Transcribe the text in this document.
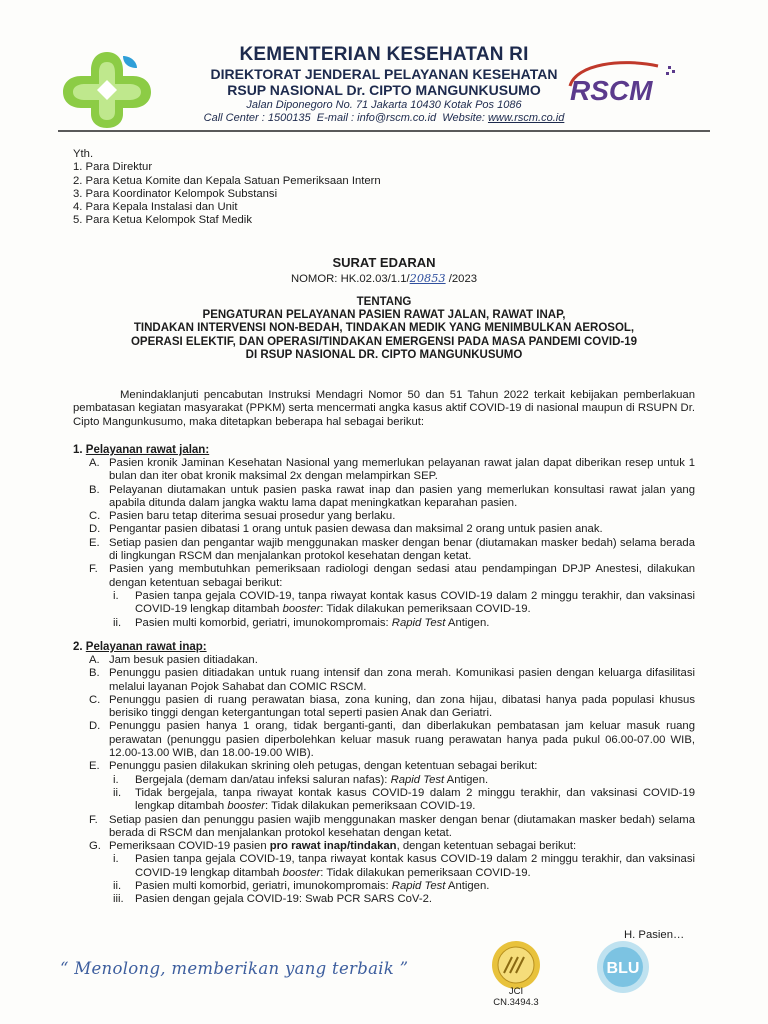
KEMENTERIAN KESEHATAN RI
DIREKTORAT JENDERAL PELAYANAN KESEHATAN
RSUP NASIONAL Dr. CIPTO MANGUNKUSUMO
Jalan Diponegoro No. 71 Jakarta 10430 Kotak Pos 1086
Call Center : 1500135 E-mail : info@rscm.co.id Website: www.rscm.co.id
RSCM
Yth.
1. Para Direktur
2. Para Ketua Komite dan Kepala Satuan Pemeriksaan Intern
3. Para Koordinator Kelompok Substansi
4. Para Kepala Instalasi dan Unit
5. Para Ketua Kelompok Staf Medik
SURAT EDARAN
NOMOR: HK.02.03/1.1/20853 /2023
TENTANG
PENGATURAN PELAYANAN PASIEN RAWAT JALAN, RAWAT INAP,
TINDAKAN INTERVENSI NON-BEDAH, TINDAKAN MEDIK YANG MENIMBULKAN AEROSOL,
OPERASI ELEKTIF, DAN OPERASI/TINDAKAN EMERGENSI PADA MASA PANDEMI COVID-19
DI RSUP NASIONAL DR. CIPTO MANGUNKUSUMO
Menindaklanjuti pencabutan Instruksi Mendagri Nomor 50 dan 51 Tahun 2022 terkait kebijakan pemberlakuan pembatasan kegiatan masyarakat (PPKM) serta mencermati angka kasus aktif COVID-19 di nasional maupun di RSUPN Dr. Cipto Mangunkusumo, maka ditetapkan beberapa hal sebagai berikut:
1. Pelayanan rawat jalan:
A. Pasien kronik Jaminan Kesehatan Nasional yang memerlukan pelayanan rawat jalan dapat diberikan resep untuk 1 bulan dan iter obat kronik maksimal 2x dengan melampirkan SEP.
B. Pelayanan diutamakan untuk pasien paska rawat inap dan pasien yang memerlukan konsultasi rawat jalan yang apabila ditunda dalam jangka waktu lama dapat meningkatkan keparahan pasien.
C. Pasien baru tetap diterima sesuai prosedur yang berlaku.
D. Pengantar pasien dibatasi 1 orang untuk pasien dewasa dan maksimal 2 orang untuk pasien anak.
E. Setiap pasien dan pengantar wajib menggunakan masker dengan benar (diutamakan masker bedah) selama berada di lingkungan RSCM dan menjalankan protokol kesehatan dengan ketat.
F. Pasien yang membutuhkan pemeriksaan radiologi dengan sedasi atau pendampingan DPJP Anestesi, dilakukan dengan ketentuan sebagai berikut:
i. Pasien tanpa gejala COVID-19, tanpa riwayat kontak kasus COVID-19 dalam 2 minggu terakhir, dan vaksinasi COVID-19 lengkap ditambah booster: Tidak dilakukan pemeriksaan COVID-19.
ii. Pasien multi komorbid, geriatri, imunokompromais: Rapid Test Antigen.
2. Pelayanan rawat inap:
A. Jam besuk pasien ditiadakan.
B. Penunggu pasien ditiadakan untuk ruang intensif dan zona merah. Komunikasi pasien dengan keluarga difasilitasi melalui layanan Pojok Sahabat dan COMIC RSCM.
C. Penunggu pasien di ruang perawatan biasa, zona kuning, dan zona hijau, dibatasi hanya pada populasi khusus berisiko tinggi dengan ketergantungan total seperti pasien Anak dan Geriatri.
D. Penunggu pasien hanya 1 orang, tidak berganti-ganti, dan diberlakukan pembatasan jam keluar masuk ruang perawatan (penunggu pasien diperbolehkan keluar masuk ruang perawatan hanya pada pukul 06.00-07.00 WIB, 12.00-13.00 WIB, dan 18.00-19.00 WIB).
E. Penunggu pasien dilakukan skrining oleh petugas, dengan ketentuan sebagai berikut:
i. Bergejala (demam dan/atau infeksi saluran nafas): Rapid Test Antigen.
ii. Tidak bergejala, tanpa riwayat kontak kasus COVID-19 dalam 2 minggu terakhir, dan vaksinasi COVID-19 lengkap ditambah booster: Tidak dilakukan pemeriksaan COVID-19.
F. Setiap pasien dan penunggu pasien wajib menggunakan masker dengan benar (diutamakan masker bedah) selama berada di RSCM dan menjalankan protokol kesehatan dengan ketat.
G. Pemeriksaan COVID-19 pasien pro rawat inap/tindakan, dengan ketentuan sebagai berikut:
i. Pasien tanpa gejala COVID-19, tanpa riwayat kontak kasus COVID-19 dalam 2 minggu terakhir, dan vaksinasi COVID-19 lengkap ditambah booster: Tidak dilakukan pemeriksaan COVID-19.
ii. Pasien multi komorbid, geriatri, imunokompromais: Rapid Test Antigen.
iii. Pasien dengan gejala COVID-19: Swab PCR SARS CoV-2.
H. Pasien…
“ Menolong, memberikan yang terbaik ”
JCI
CN.3494.3
BLU
